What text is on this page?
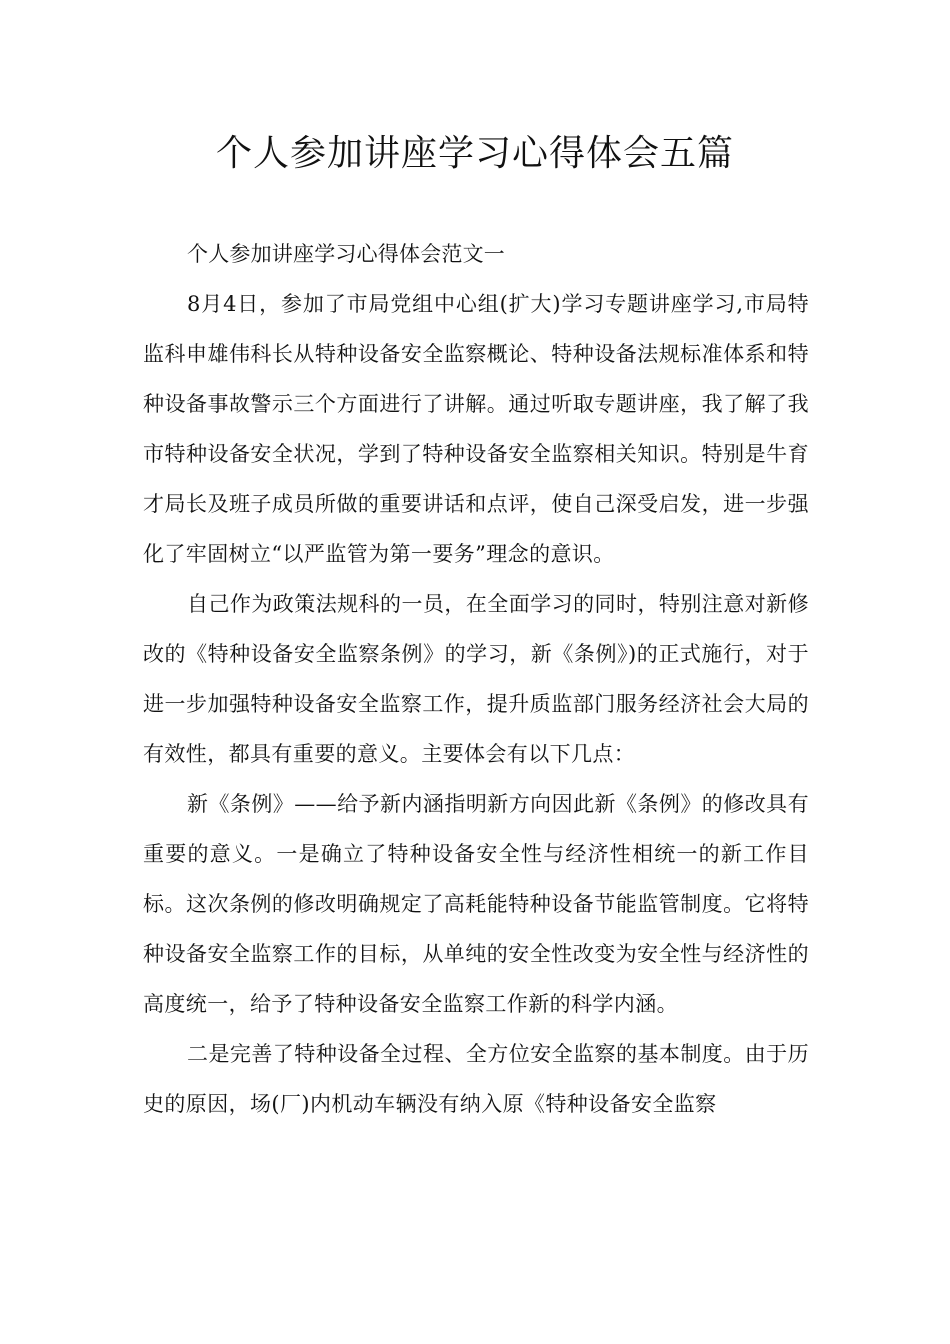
个人参加讲座学习心得体会五篇

个人参加讲座学习心得体会范文一

8月4日，参加了市局党组中心组(扩大)学习专题讲座学习,市局特监科申雄伟科长从特种设备安全监察概论、特种设备法规标准体系和特种设备事故警示三个方面进行了讲解。通过听取专题讲座，我了解了我市特种设备安全状况，学到了特种设备安全监察相关知识。特别是牛育才局长及班子成员所做的重要讲话和点评，使自己深受启发，进一步强化了牢固树立“以严监管为第一要务”理念的意识。

自己作为政策法规科的一员，在全面学习的同时，特别注意对新修改的《特种设备安全监察条例》的学习，新《条例》)的正式施行，对于进一步加强特种设备安全监察工作，提升质监部门服务经济社会大局的有效性，都具有重要的意义。主要体会有以下几点：

新《条例》——给予新内涵指明新方向因此新《条例》的修改具有重要的意义。一是确立了特种设备安全性与经济性相统一的新工作目标。这次条例的修改明确规定了高耗能特种设备节能监管制度。它将特种设备安全监察工作的目标，从单纯的安全性改变为安全性与经济性的高度统一，给予了特种设备安全监察工作新的科学内涵。

二是完善了特种设备全过程、全方位安全监察的基本制度。由于历史的原因，场(厂)内机动车辆没有纳入原《特种设备安全监察
